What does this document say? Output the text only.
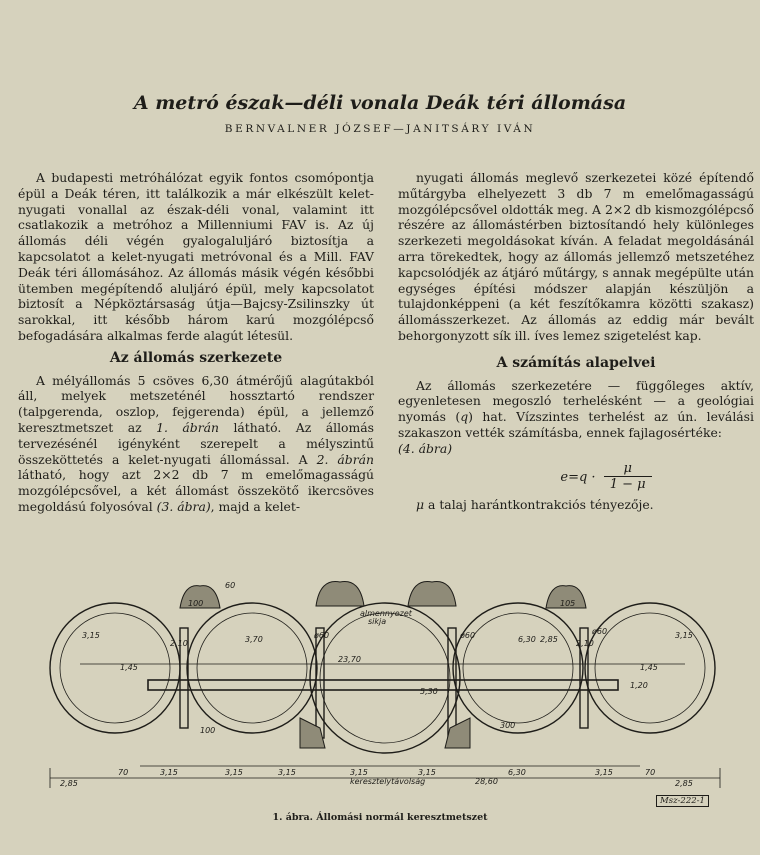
A metró észak—déli vonala Deák téri állomása
BERNVALNER JÓZSEF—JANITSÁRY IVÁN

A budapesti metróhálózat egyik fontos csomópontja épül a Deák téren, itt találkozik a már elkészült kelet-nyugati vonallal az észak-déli vonal, valamint itt csatlakozik a metróhoz a Millenniumi FAV is. Az új állomás déli végén gyalogaluljáró biztosítja a kapcsolatot a kelet-nyugati metróvonal és a Mill. FAV Deák téri állomásához. Az állomás másik végén későbbi ütemben megépítendő aluljáró épül, mely kapcsolatot biztosít a Népköztársaság útja—Bajcsy-Zsilinszky út sarokkal, itt később három karú mozgólépcső befogadására alkalmas ferde alagút létesül.

Az állomás szerkezete

A mélyállomás 5 csöves 6,30 átmérőjű alagútakból áll, melyek metszeténél hossztartó rendszer (talpgerenda, oszlop, fejgerenda) épül, a jellemző keresztmetszet az 1. ábrán látható. Az állomás tervezésénél igényként szerepelt a mélyszintű összeköttetés a kelet-nyugati állomással. A 2. ábrán látható, hogy azt 2×2 db 7 m emelőmagasságú mozgólépcsővel, a két állomást összekötő ikercsöves megoldású folyosóval (3. ábra), majd a kelet-

nyugati állomás meglevő szerkezetei közé építendő műtárgyba elhelyezett 3 db 7 m emelőmagasságú mozgólépcsővel oldották meg. A 2×2 db kismozgólépcső részére az állomástérben biztosítandó hely különleges szerkezeti megoldásokat kíván. A feladat megoldásánál arra törekedtek, hogy az állomás jellemző metszetéhez kapcsolódjék az átjáró műtárgy, s annak megépülte után egységes építési módszer alapján készüljön a tulajdonképpeni (a két feszítőkamra közötti szakasz) állomásszerkezet. Az állomás az eddig már bevált behorgonyzott sík ill. íves lemez szigetelést kap.

A számítás alapelvei

Az állomás szerkezetére — függőleges aktív, egyenletesen megoszló terhelésként — a geológiai nyomás (q) hat. Vízszintes terhelést az ún. leválási szakaszon vették számításba, ennek fajlagosértéke:
(4. ábra)

$e=q \cdot \frac{\mu}{1 - \mu}$

μ a talaj harántkontrakciós tényezője.

2,85
70	3,15	3,15	3,15	3,15	3,15	6,30	3,15	70
2,85
28,60
keresztelytávolság
2,10	3,70
23,70
6,30
5,30
2,85 2,10
almennyezet
sikja
ø60	ø60	ø60
1,45	1,45
3,15	3,15
60
105
100
100
1,20
300
Msz-222-1
1. ábra. Állomási normál keresztmetszet
